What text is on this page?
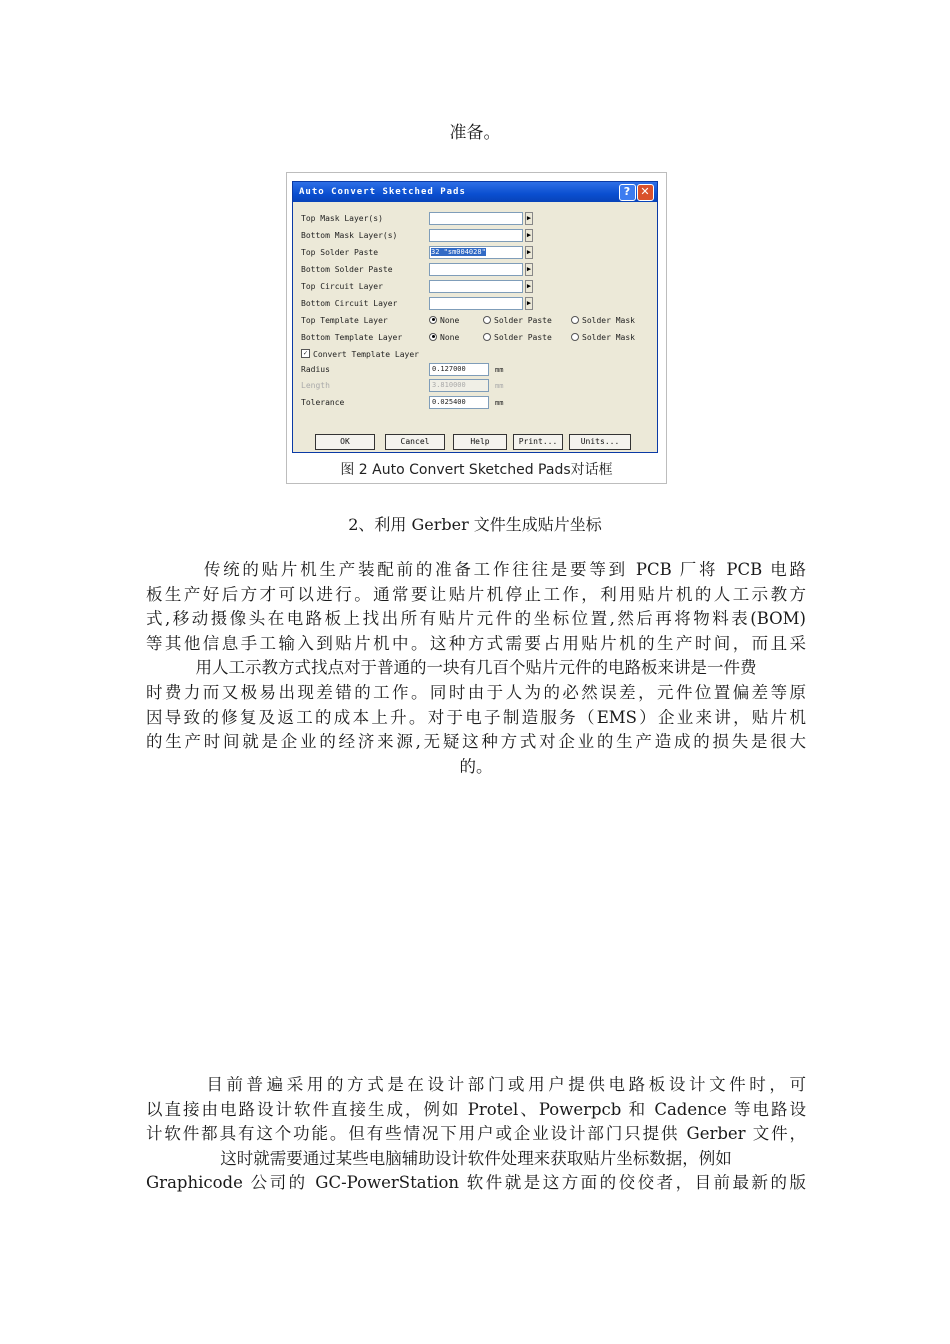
准备。
Auto Convert Sketched Pads	? ✕
Top Mask Layer(s)	▶
Bottom Mask Layer(s)	▶
Top Solder Paste	32 "sm004028"	▶
Bottom Solder Paste	▶
Top Circuit Layer	▶
Bottom Circuit Layer	▶
Top Template Layer	None	Solder Paste	Solder Mask
Bottom Template Layer	None	Solder Paste	Solder Mask
✓ Convert Template Layer
Radius	0.127000	mm
Length	3.810000	mm
Tolerance	0.025400	mm
OK	Cancel	Help	Print...	Units...
图 2 Auto Convert Sketched Pads对话框
2、利用 Gerber 文件生成贴片坐标
　　　传统的贴片机生产装配前的准备工作往往是要等到 PCB 厂将 PCB 电路
板生产好后方才可以进行。通常要让贴片机停止工作，利用贴片机的人工示教方
式,移动摄像头在电路板上找出所有贴片元件的坐标位置,然后再将物料表(BOM)
等其他信息手工输入到贴片机中。这种方式需要占用贴片机的生产时间，而且采
用人工示教方式找点对于普通的一块有几百个贴片元件的电路板来讲是一件费
时费力而又极易出现差错的工作。同时由于人为的必然误差，元件位置偏差等原
因导致的修复及返工的成本上升。对于电子制造服务（EMS）企业来讲，贴片机
的生产时间就是企业的经济来源,无疑这种方式对企业的生产造成的损失是很大
的。
　　　目前普遍采用的方式是在设计部门或用户提供电路板设计文件时，可
以直接由电路设计软件直接生成，例如 Protel、Powerpcb 和 Cadence 等电路设
计软件都具有这个功能。但有些情况下用户或企业设计部门只提供 Gerber 文件，
这时就需要通过某些电脑辅助设计软件处理来获取贴片坐标数据，例如
Graphicode 公司的 GC-PowerStation 软件就是这方面的佼佼者，目前最新的版
